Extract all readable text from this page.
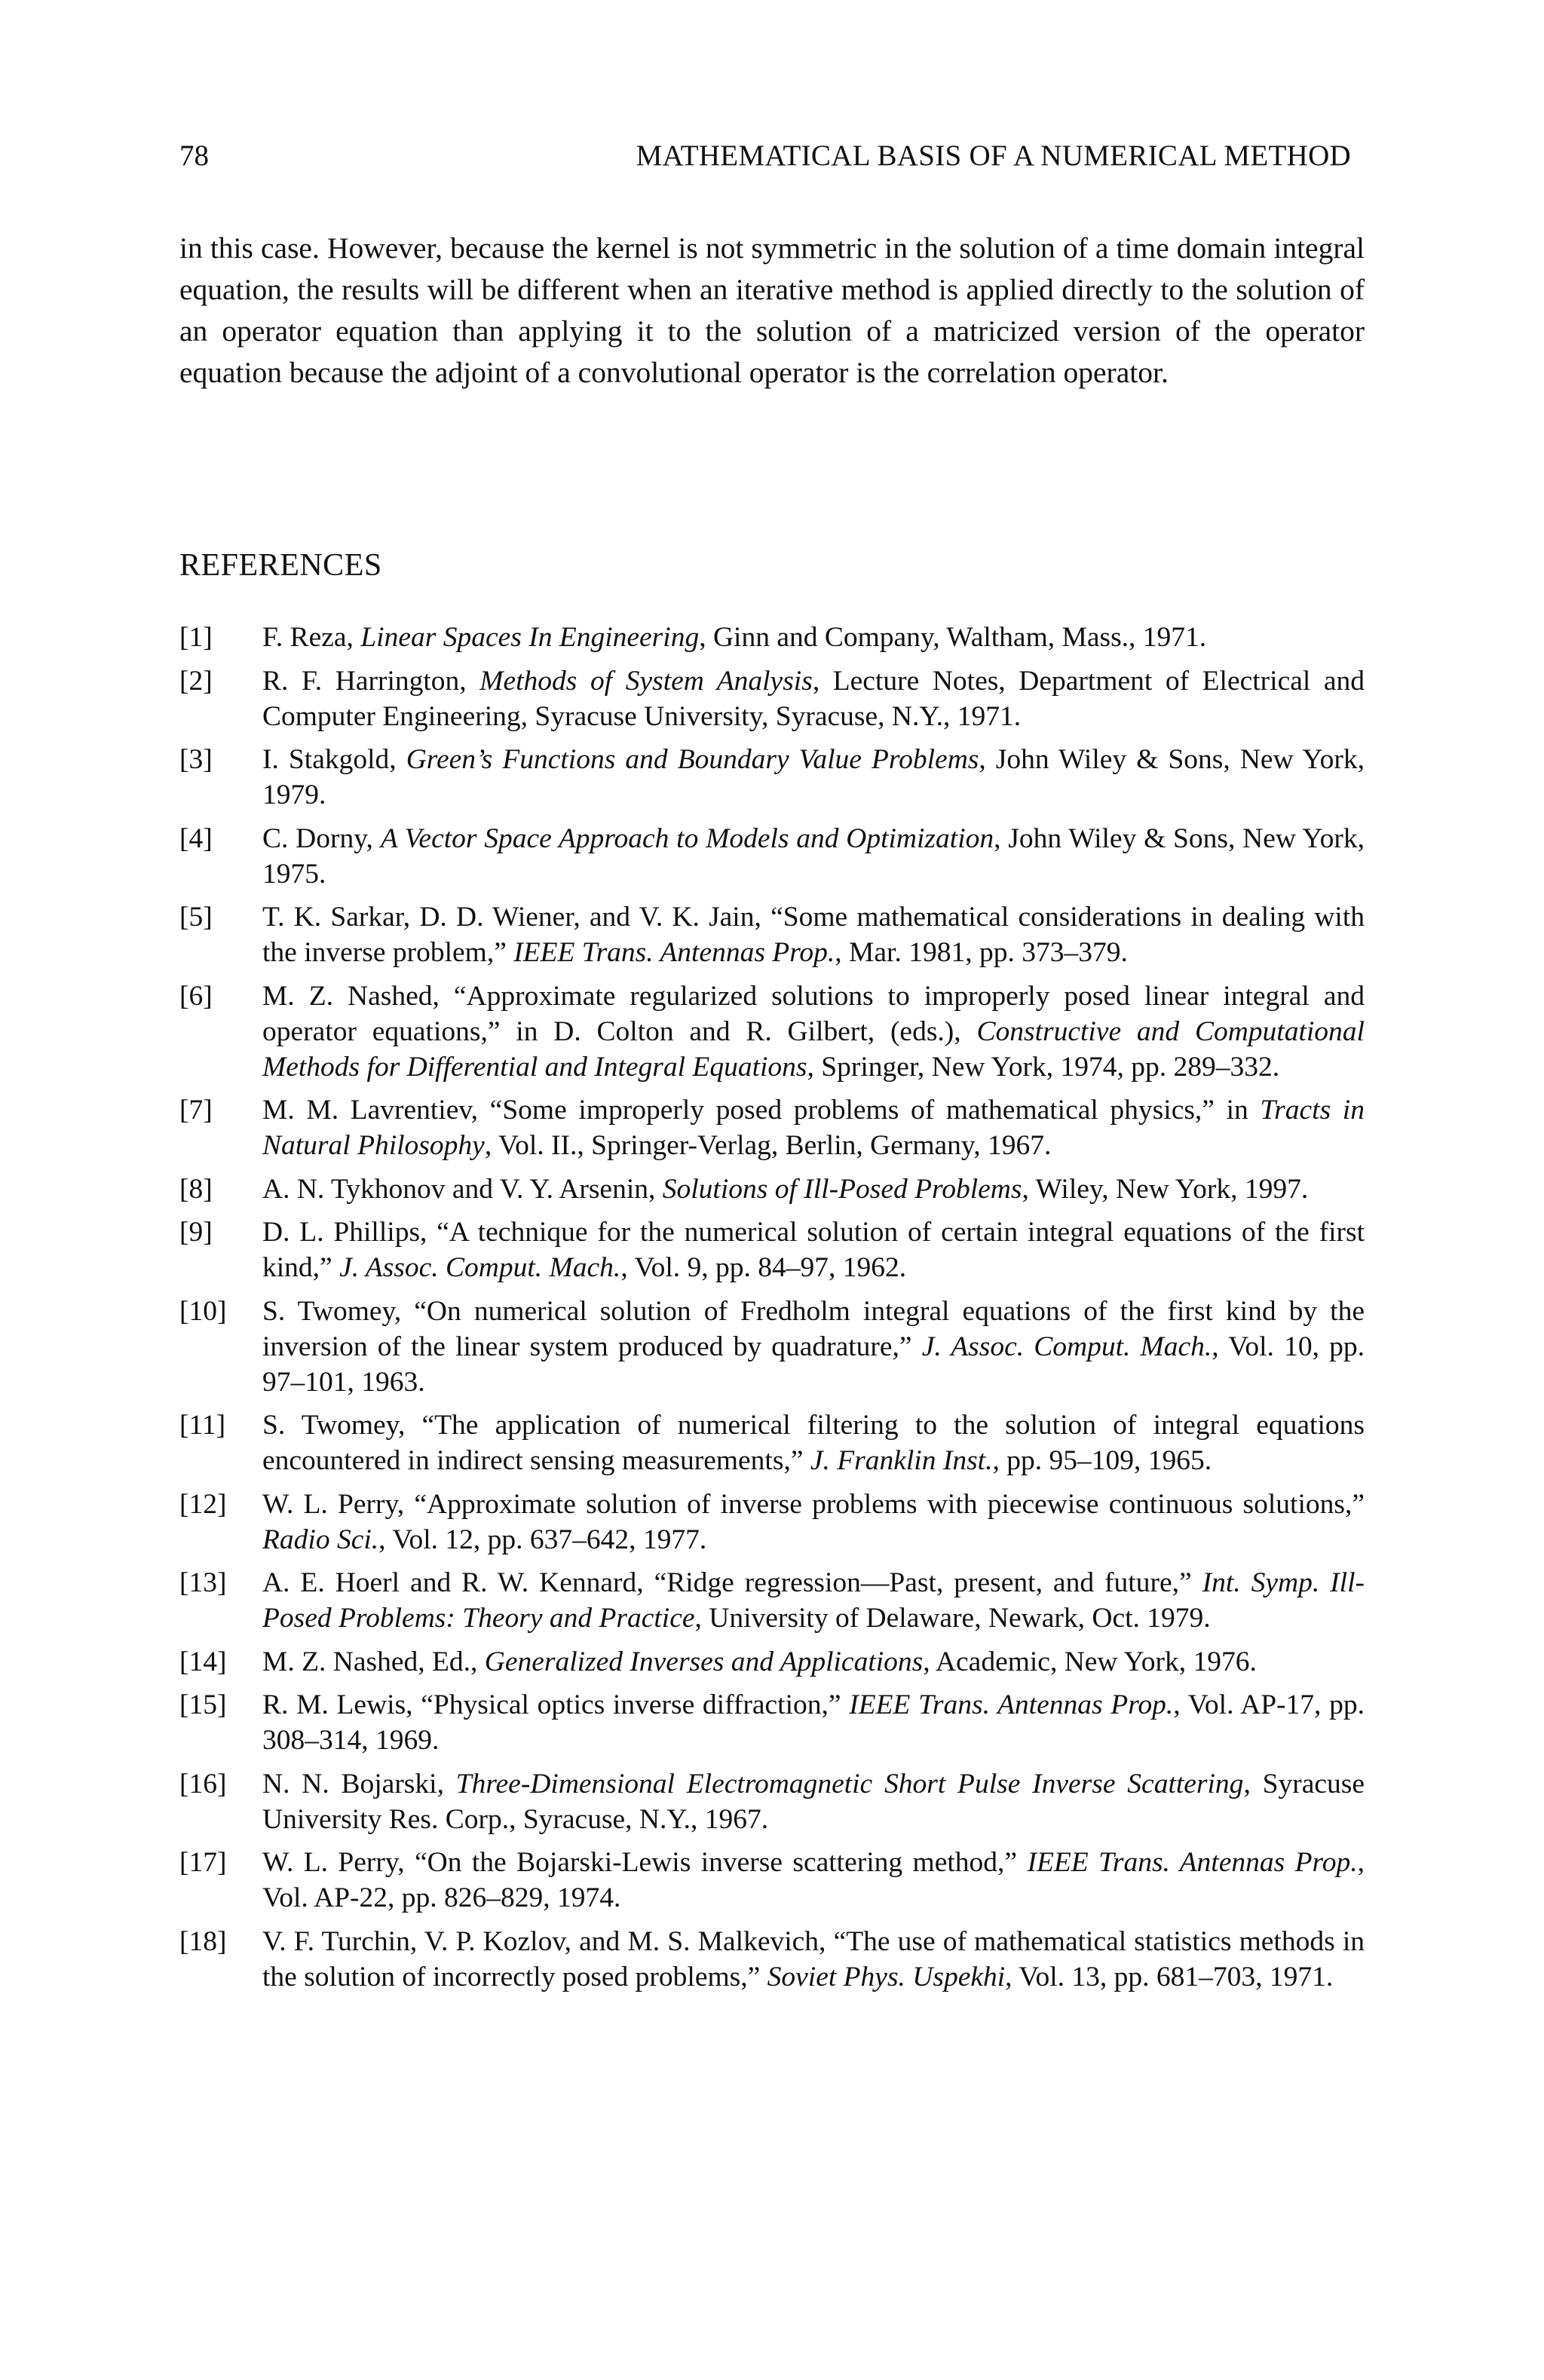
78	MATHEMATICAL BASIS OF A NUMERICAL METHOD

in this case. However, because the kernel is not symmetric in the solution of a time domain integral equation, the results will be different when an iterative method is applied directly to the solution of an operator equation than applying it to the solution of a matricized version of the operator equation because the adjoint of a convolutional operator is the correlation operator.

REFERENCES
[1]	F. Reza, Linear Spaces In Engineering, Ginn and Company, Waltham, Mass., 1971.
[2]	R. F. Harrington, Methods of System Analysis, Lecture Notes, Department of Electrical and Computer Engineering, Syracuse University, Syracuse, N.Y., 1971.
[3]	I. Stakgold, Green’s Functions and Boundary Value Problems, John Wiley & Sons, New York, 1979.
[4]	C. Dorny, A Vector Space Approach to Models and Optimization, John Wiley & Sons, New York, 1975.
[5]	T. K. Sarkar, D. D. Wiener, and V. K. Jain, “Some mathematical considerations in dealing with the inverse problem,” IEEE Trans. Antennas Prop., Mar. 1981, pp. 373–379.
[6]	M. Z. Nashed, “Approximate regularized solutions to improperly posed linear integral and operator equations,” in D. Colton and R. Gilbert, (eds.), Constructive and Computational Methods for Differential and Integral Equations, Springer, New York, 1974, pp. 289–332.
[7]	M. M. Lavrentiev, “Some improperly posed problems of mathematical physics,” in Tracts in Natural Philosophy, Vol. II., Springer-Verlag, Berlin, Germany, 1967.
[8]	A. N. Tykhonov and V. Y. Arsenin, Solutions of Ill-Posed Problems, Wiley, New York, 1997.
[9]	D. L. Phillips, “A technique for the numerical solution of certain integral equations of the first kind,” J. Assoc. Comput. Mach., Vol. 9, pp. 84–97, 1962.
[10]	S. Twomey, “On numerical solution of Fredholm integral equations of the first kind by the inversion of the linear system produced by quadrature,” J. Assoc. Comput. Mach., Vol. 10, pp. 97–101, 1963.
[11]	S. Twomey, “The application of numerical filtering to the solution of integral equations encountered in indirect sensing measurements,” J. Franklin Inst., pp. 95–109, 1965.
[12]	W. L. Perry, “Approximate solution of inverse problems with piecewise continuous solutions,” Radio Sci., Vol. 12, pp. 637–642, 1977.
[13]	A. E. Hoerl and R. W. Kennard, “Ridge regression—Past, present, and future,” Int. Symp. Ill-Posed Problems: Theory and Practice, University of Delaware, Newark, Oct. 1979.
[14]	M. Z. Nashed, Ed., Generalized Inverses and Applications, Academic, New York, 1976.
[15]	R. M. Lewis, “Physical optics inverse diffraction,” IEEE Trans. Antennas Prop., Vol. AP-17, pp. 308–314, 1969.
[16]	N. N. Bojarski, Three-Dimensional Electromagnetic Short Pulse Inverse Scattering, Syracuse University Res. Corp., Syracuse, N.Y., 1967.
[17]	W. L. Perry, “On the Bojarski-Lewis inverse scattering method,” IEEE Trans. Antennas Prop., Vol. AP-22, pp. 826–829, 1974.
[18]	V. F. Turchin, V. P. Kozlov, and M. S. Malkevich, “The use of mathematical statistics methods in the solution of incorrectly posed problems,” Soviet Phys. Uspekhi, Vol. 13, pp. 681–703, 1971.
